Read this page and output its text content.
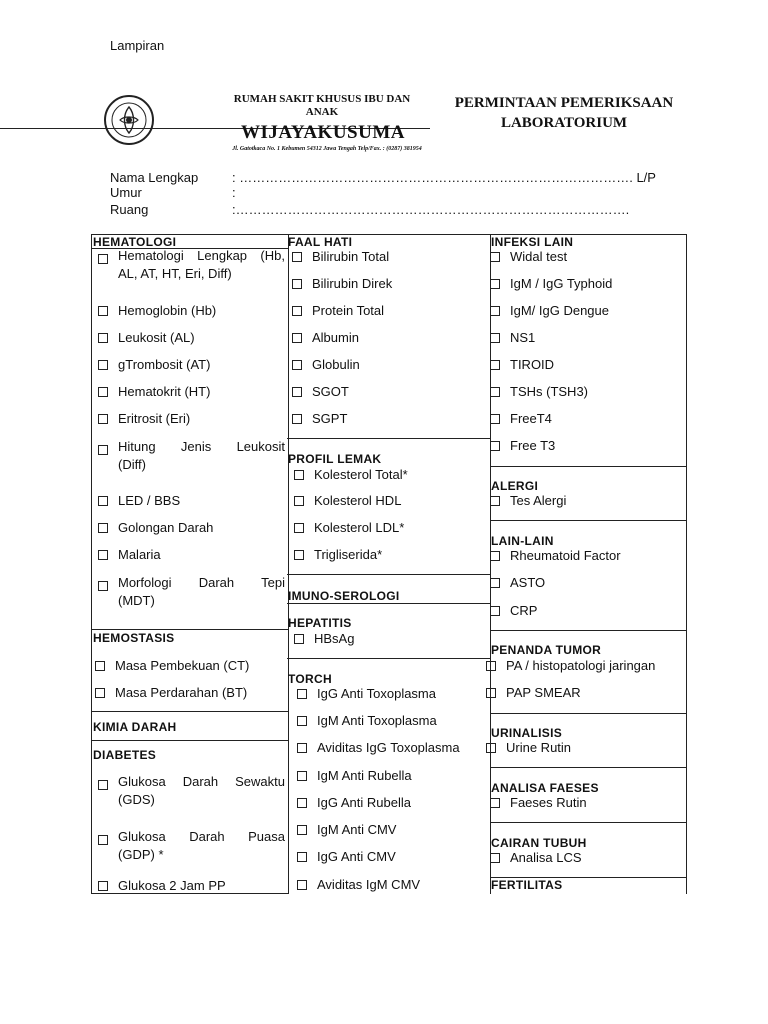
Lampiran
RUMAH SAKIT KHUSUS IBU DAN
ANAK
WIJAYAKUSUMA
Jl. Gatotkaca No. 1 Kebumen 54312 Jawa Tengah Telp/Fax. : (0287) 381954
PERMINTAAN PEMERIKSAAN
LABORATORIUM
Nama Lengkap	: ………………………………………………………………………………. L/P
Umur	:
Ruang	:……………………………………………………………………………….
HEMATOLOGI
Hematologi Lengkap (Hb,
AL, AT, HT, Eri, Diff)
Hemoglobin (Hb)
Leukosit (AL)
gTrombosit (AT)
Hematokrit (HT)
Eritrosit (Eri)
Hitung Jenis Leukosit
(Diff)
LED / BBS
Golongan Darah
Malaria
Morfologi Darah Tepi
(MDT)
HEMOSTASIS
Masa Pembekuan (CT)
Masa Perdarahan (BT)
KIMIA DARAH
DIABETES
Glukosa Darah Sewaktu
(GDS)
Glukosa Darah Puasa
(GDP) *
Glukosa 2 Jam PP
FAAL HATI
Bilirubin Total
Bilirubin Direk
Protein Total
Albumin
Globulin
SGOT
SGPT
PROFIL LEMAK
Kolesterol Total*
Kolesterol HDL
Kolesterol LDL*
Trigliserida*
IMUNO-SEROLOGI
HEPATITIS
HBsAg
TORCH
IgG Anti Toxoplasma
IgM Anti Toxoplasma
Aviditas IgG Toxoplasma
IgM Anti Rubella
IgG Anti Rubella
IgM Anti CMV
IgG Anti CMV
Aviditas IgM CMV
INFEKSI LAIN
Widal test
IgM / IgG Typhoid
IgM/ IgG Dengue
NS1
TIROID
TSHs (TSH3)
FreeT4
Free T3
ALERGI
Tes Alergi
LAIN-LAIN
Rheumatoid Factor
ASTO
CRP
PENANDA TUMOR
PA / histopatologi jaringan
PAP SMEAR
URINALISIS
Urine Rutin
ANALISA FAESES
Faeses Rutin
CAIRAN TUBUH
Analisa LCS
FERTILITAS
